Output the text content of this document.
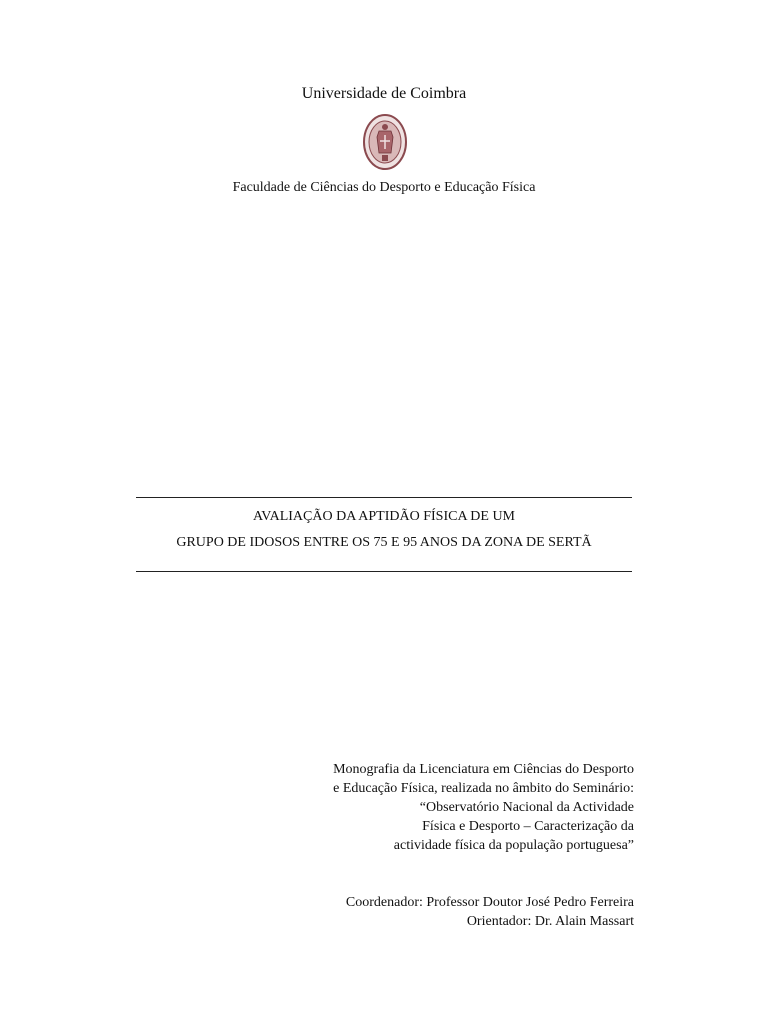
Universidade de Coimbra
Faculdade de Ciências do Desporto e Educação Física
AVALIAÇÃO DA APTIDÃO FÍSICA DE UM
GRUPO DE IDOSOS ENTRE OS 75 E 95 ANOS DA ZONA DE SERTÃ
Monografia da Licenciatura em Ciências do Desporto
e Educação Física, realizada no âmbito do Seminário:
“Observatório Nacional da Actividade
Física e Desporto – Caracterização da
actividade física da população portuguesa”
Coordenador: Professor Doutor José Pedro Ferreira
Orientador: Dr. Alain Massart
